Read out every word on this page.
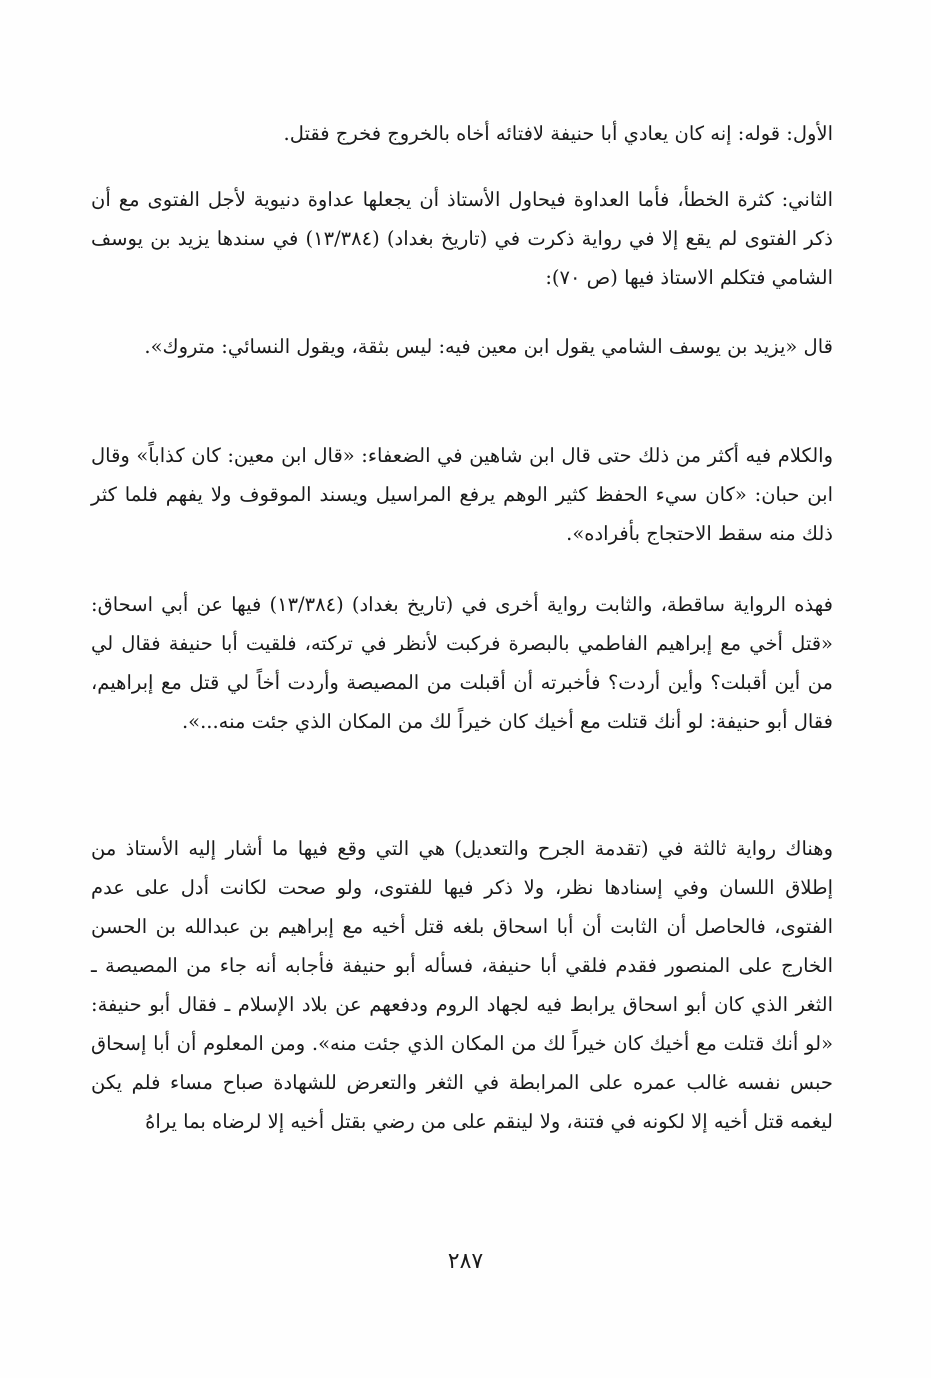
الأول: قوله: إنه كان يعادي أبا حنيفة لافتائه أخاه بالخروج فخرج فقتل.

الثاني: كثرة الخطأ، فأما العداوة فيحاول الأستاذ أن يجعلها عداوة دنيوية لأجل الفتوى مع أن ذكر الفتوى لم يقع إلا في رواية ذكرت في (تاريخ بغداد) (١٣/٣٨٤) في سندها يزيد بن يوسف الشامي فتكلم الاستاذ فيها (ص ٧٠):

قال «يزيد بن يوسف الشامي يقول ابن معين فيه: ليس بثقة، ويقول النسائي: متروك».

والكلام فيه أكثر من ذلك حتى قال ابن شاهين في الضعفاء: «قال ابن معين: كان كذاباً» وقال ابن حبان: «كان سيء الحفظ كثير الوهم يرفع المراسيل ويسند الموقوف ولا يفهم فلما كثر ذلك منه سقط الاحتجاج بأفراده».

فهذه الرواية ساقطة، والثابت رواية أخرى في (تاريخ بغداد) (١٣/٣٨٤) فيها عن أبي اسحاق: «قتل أخي مع إبراهيم الفاطمي بالبصرة فركبت لأنظر في تركته، فلقيت أبا حنيفة فقال لي من أين أقبلت؟ وأين أردت؟ فأخبرته أن أقبلت من المصيصة وأردت أخاً لي قتل مع إبراهيم، فقال أبو حنيفة: لو أنك قتلت مع أخيك كان خيراً لك من المكان الذي جئت منه...».

وهناك رواية ثالثة في (تقدمة الجرح والتعديل) هي التي وقع فيها ما أشار إليه الأستاذ من إطلاق اللسان وفي إسنادها نظر، ولا ذكر فيها للفتوى، ولو صحت لكانت أدل على عدم الفتوى، فالحاصل أن الثابت أن أبا اسحاق بلغه قتل أخيه مع إبراهيم بن عبدالله بن الحسن الخارج على المنصور فقدم فلقي أبا حنيفة، فسأله أبو حنيفة فأجابه أنه جاء من المصيصة ـ الثغر الذي كان أبو اسحاق يرابط فيه لجهاد الروم ودفعهم عن بلاد الإسلام ـ فقال أبو حنيفة: «لو أنك قتلت مع أخيك كان خيراً لك من المكان الذي جئت منه». ومن المعلوم أن أبا إسحاق حبس نفسه غالب عمره على المرابطة في الثغر والتعرض للشهادة صباح مساء فلم يكن ليغمه قتل أخيه إلا لكونه في فتنة، ولا لينقم على من رضي بقتل أخيه إلا لرضاه بما يراهُ

٢٨٧
